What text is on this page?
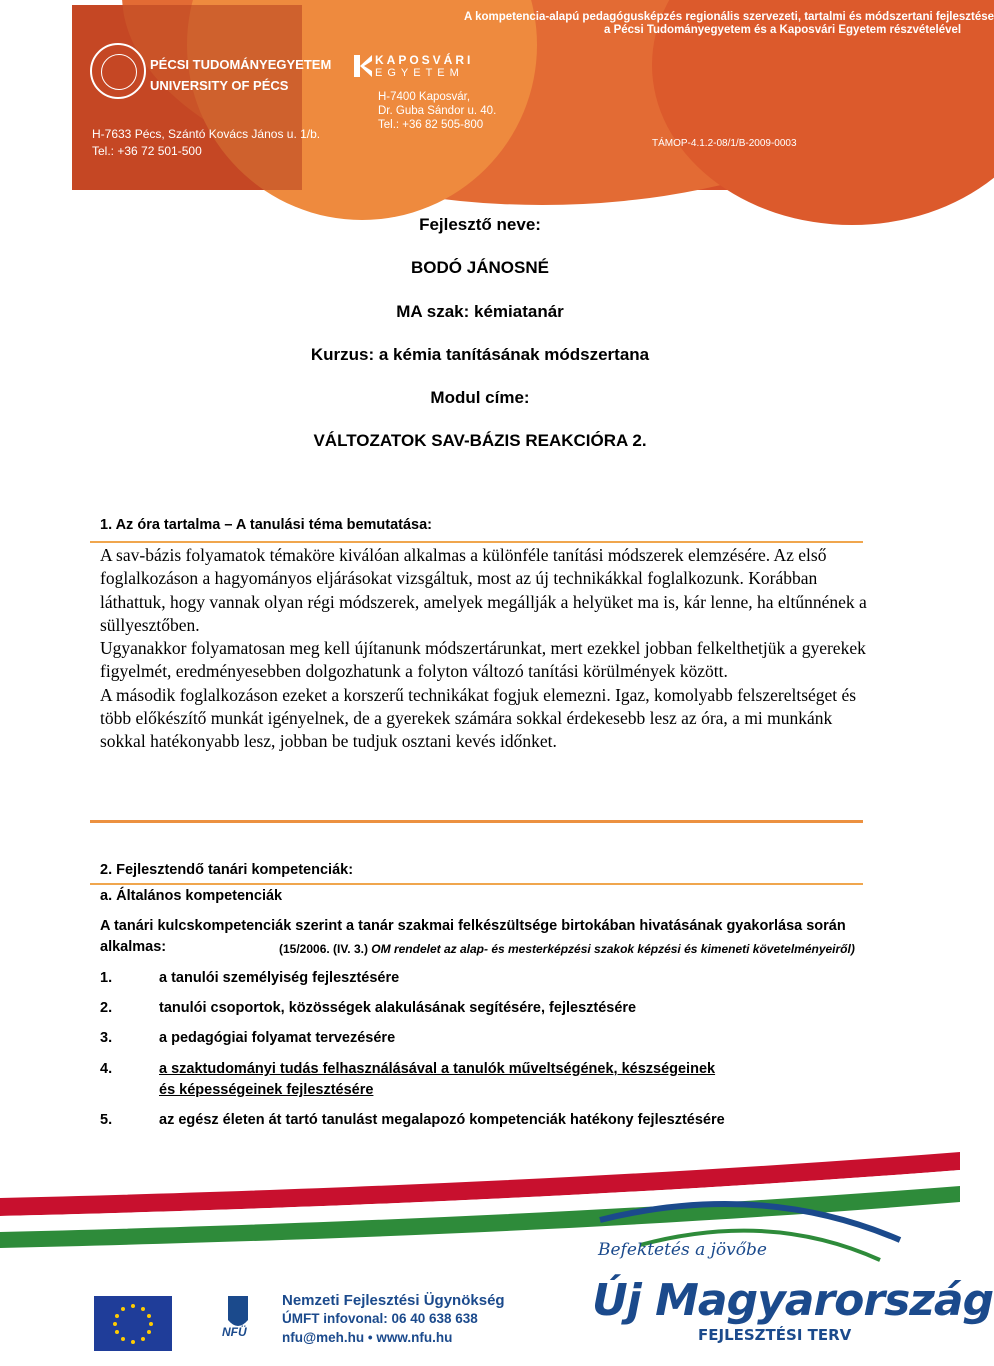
A kompetencia-alapú pedagógusképzés regionális szervezeti, tartalmi és módszertani fejlesztése
a Pécsi Tudományegyetem és a Kaposvári Egyetem részvételével
PÉCSI TUDOMÁNYEGYETEM
UNIVERSITY OF PÉCS
H-7633 Pécs, Szántó Kovács János u. 1/b.
Tel.: +36 72 501-500
KAPOSVÁRI
EGYETEM
H-7400 Kaposvár,
Dr. Guba Sándor u. 40.
Tel.: +36 82 505-800
TÁMOP-4.1.2-08/1/B-2009-0003
Fejlesztő neve:
BODÓ JÁNOSNÉ
MA szak: kémiatanár
Kurzus: a kémia tanításának módszertana
Modul címe:
VÁLTOZATOK SAV-BÁZIS REAKCIÓRA 2.
1. Az óra tartalma – A tanulási téma bemutatása:

A sav-bázis folyamatok témaköre kiválóan alkalmas a különféle tanítási módszerek elemzésére. Az első foglalkozáson a hagyományos eljárásokat vizsgáltuk, most az új technikákkal foglalkozunk. Korábban láthattuk, hogy vannak olyan régi módszerek, amelyek megállják a helyüket ma is, kár lenne, ha eltűnnének a süllyesztőben.

Ugyanakkor folyamatosan meg kell újítanunk módszertárunkat, mert ezekkel jobban felkelthetjük a gyerekek figyelmét, eredményesebben dolgozhatunk a folyton változó tanítási körülmények között.

A második foglalkozáson ezeket a korszerű technikákat fogjuk elemezni. Igaz, komolyabb felszereltséget és több előkészítő munkát igényelnek, de a gyerekek számára sokkal érdekesebb lesz az óra, a mi munkánk sokkal hatékonyabb lesz, jobban be tudjuk osztani kevés időnket.

2. Fejlesztendő tanári kompetenciák:
a. Általános kompetenciák
A tanári kulcskompetenciák szerint a tanár szakmai felkészültsége birtokában hivatásának gyakorlása során
alkalmas:	(15/2006. (IV. 3.) OM rendelet az alap- és mesterképzési szakok képzési és kimeneti követelményeiről)
1.	a tanulói személyiség fejlesztésére
2.	tanulói csoportok, közösségek alakulásának segítésére, fejlesztésére
3.	a pedagógiai folyamat tervezésére
4.	a szaktudományi tudás felhasználásával a tanulók műveltségének, készségeinek
és képességeinek fejlesztésére
5.	az egész életen át tartó tanulást megalapozó kompetenciák hatékony fejlesztésére
NFÜ
Nemzeti Fejlesztési Ügynökség
ÚMFT infovonal: 06 40 638 638
nfu@meh.hu • www.nfu.hu
Befektetés a jövőbe
Új Magyarország
FEJLESZTÉSI TERV
